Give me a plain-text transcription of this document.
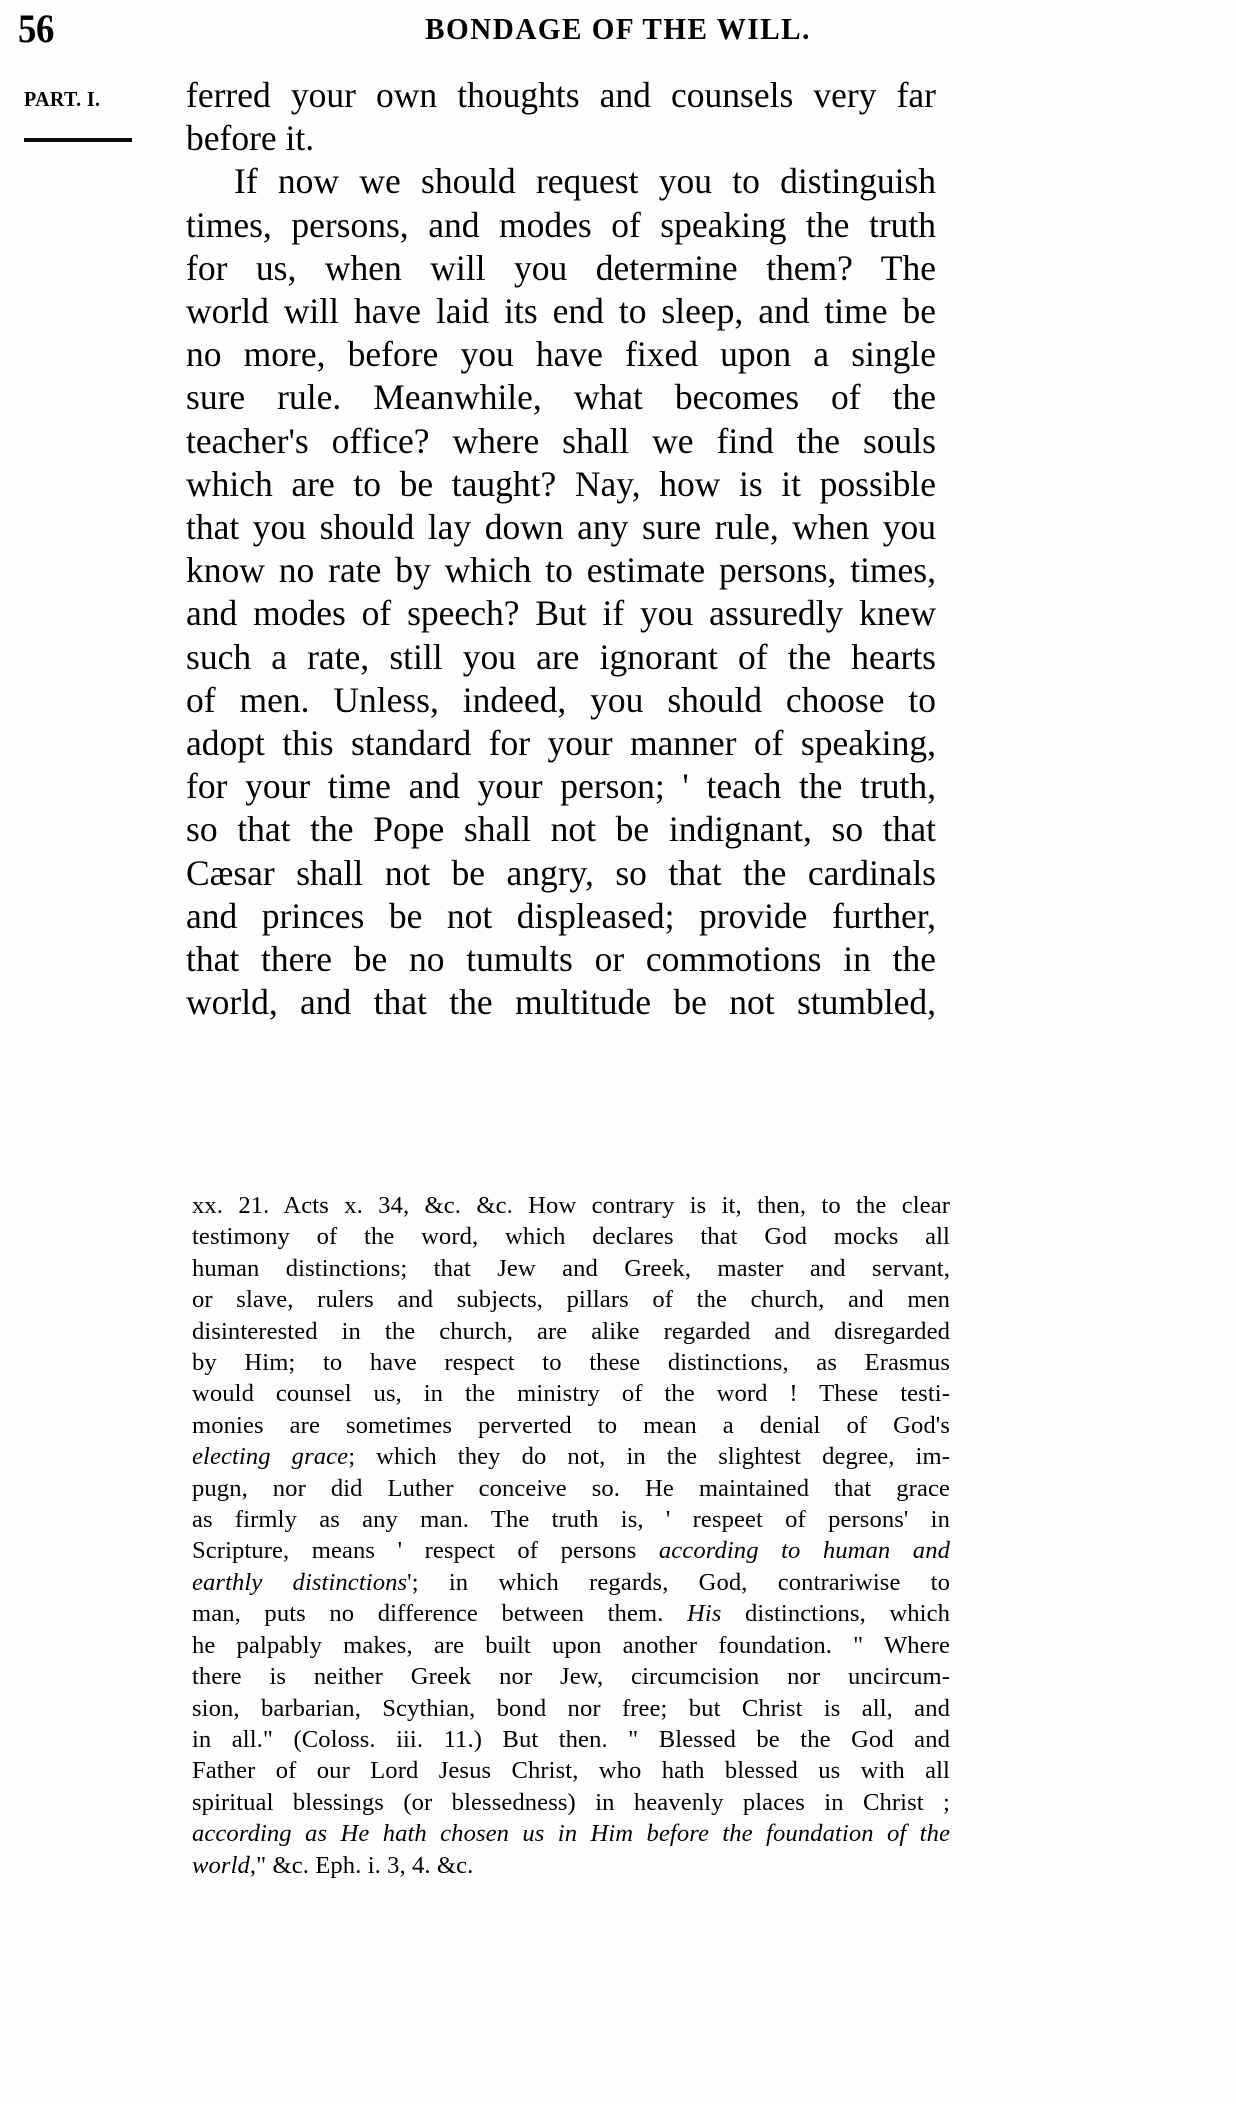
56	BONDAGE OF THE WILL.
PART. I.	ferred your own thoughts and counsels very far
before it.
If now we should request you to distinguish
times, persons, and modes of speaking the truth
for us, when will you determine them? The
world will have laid its end to sleep, and time be
no more, before you have fixed upon a single
sure rule. Meanwhile, what becomes of the
teacher's office? where shall we find the souls
which are to be taught? Nay, how is it possible
that you should lay down any sure rule, when you
know no rate by which to estimate persons, times,
and modes of speech? But if you assuredly knew
such a rate, still you are ignorant of the hearts
of men. Unless, indeed, you should choose to
adopt this standard for your manner of speaking,
for your time and your person; ' teach the truth,
so that the Pope shall not be indignant, so that
Cæsar shall not be angry, so that the cardinals
and princes be not displeased; provide further,
that there be no tumults or commotions in the
world, and that the multitude be not stumbled,
xx. 21. Acts x. 34, &c. &c. How contrary is it, then, to the clear
testimony of the word, which declares that God mocks all
human distinctions; that Jew and Greek, master and servant,
or slave, rulers and subjects, pillars of the church, and men
disinterested in the church, are alike regarded and disregarded
by Him; to have respect to these distinctions, as Erasmus
would counsel us, in the ministry of the word ! These testi-
monies are sometimes perverted to mean a denial of God's
electing grace; which they do not, in the slightest degree, im-
pugn, nor did Luther conceive so. He maintained that grace
as firmly as any man. The truth is, ' respeet of persons' in
Scripture, means ' respect of persons according to human and
earthly distinctions'; in which regards, God, contrariwise to
man, puts no difference between them. His distinctions, which
he palpably makes, are built upon another foundation. " Where
there is neither Greek nor Jew, circumcision nor uncircum-
sion, barbarian, Scythian, bond nor free; but Christ is all, and
in all." (Coloss. iii. 11.) But then. " Blessed be the God and
Father of our Lord Jesus Christ, who hath blessed us with all
spiritual blessings (or blessedness) in heavenly places in Christ ;
according as He hath chosen us in Him before the foundation of the
world," &c. Eph. i. 3, 4. &c.
